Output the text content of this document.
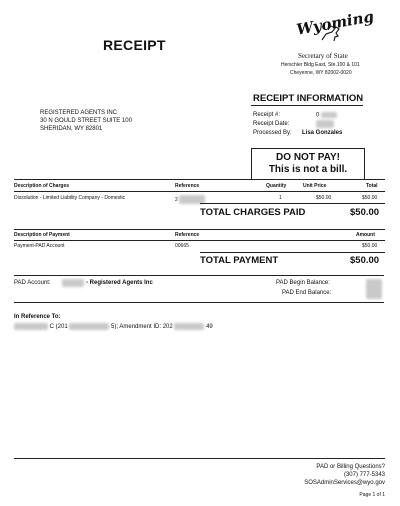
RECEIPT
Wyoming
Secretary of State
Herschler Bldg East, Ste.100 & 101
Cheyenne, WY 82002-0020
REGISTERED AGENTS INC
30 N GOULD STREET SUITE 100
SHERIDAN, WY 82801
RECEIPT INFORMATION
Receipt #:	0
Receipt Date:
Processed By: Lisa Gonzales
DO NOT PAY!
This is not a bill.
Description of Charges	Reference	Quantity	Unit Price	Total
Dissolution - Limited Liability Company - Domestic	2	1	$50.00	$50.00
TOTAL CHARGES PAID	$50.00
Description of Payment	Reference	Amount
Payment-PAD Account	00665	$50.00
TOTAL PAYMENT	$50.00
PAD Account:	- Registered Agents Inc	PAD Begin Balance:
PAD End Balance:
In Reference To:
C (201	5); Amendment ID: 202	49
PAD or Billing Questions?
(307) 777-5343
SOSAdminServices@wyo.gov
Page 1 of 1
